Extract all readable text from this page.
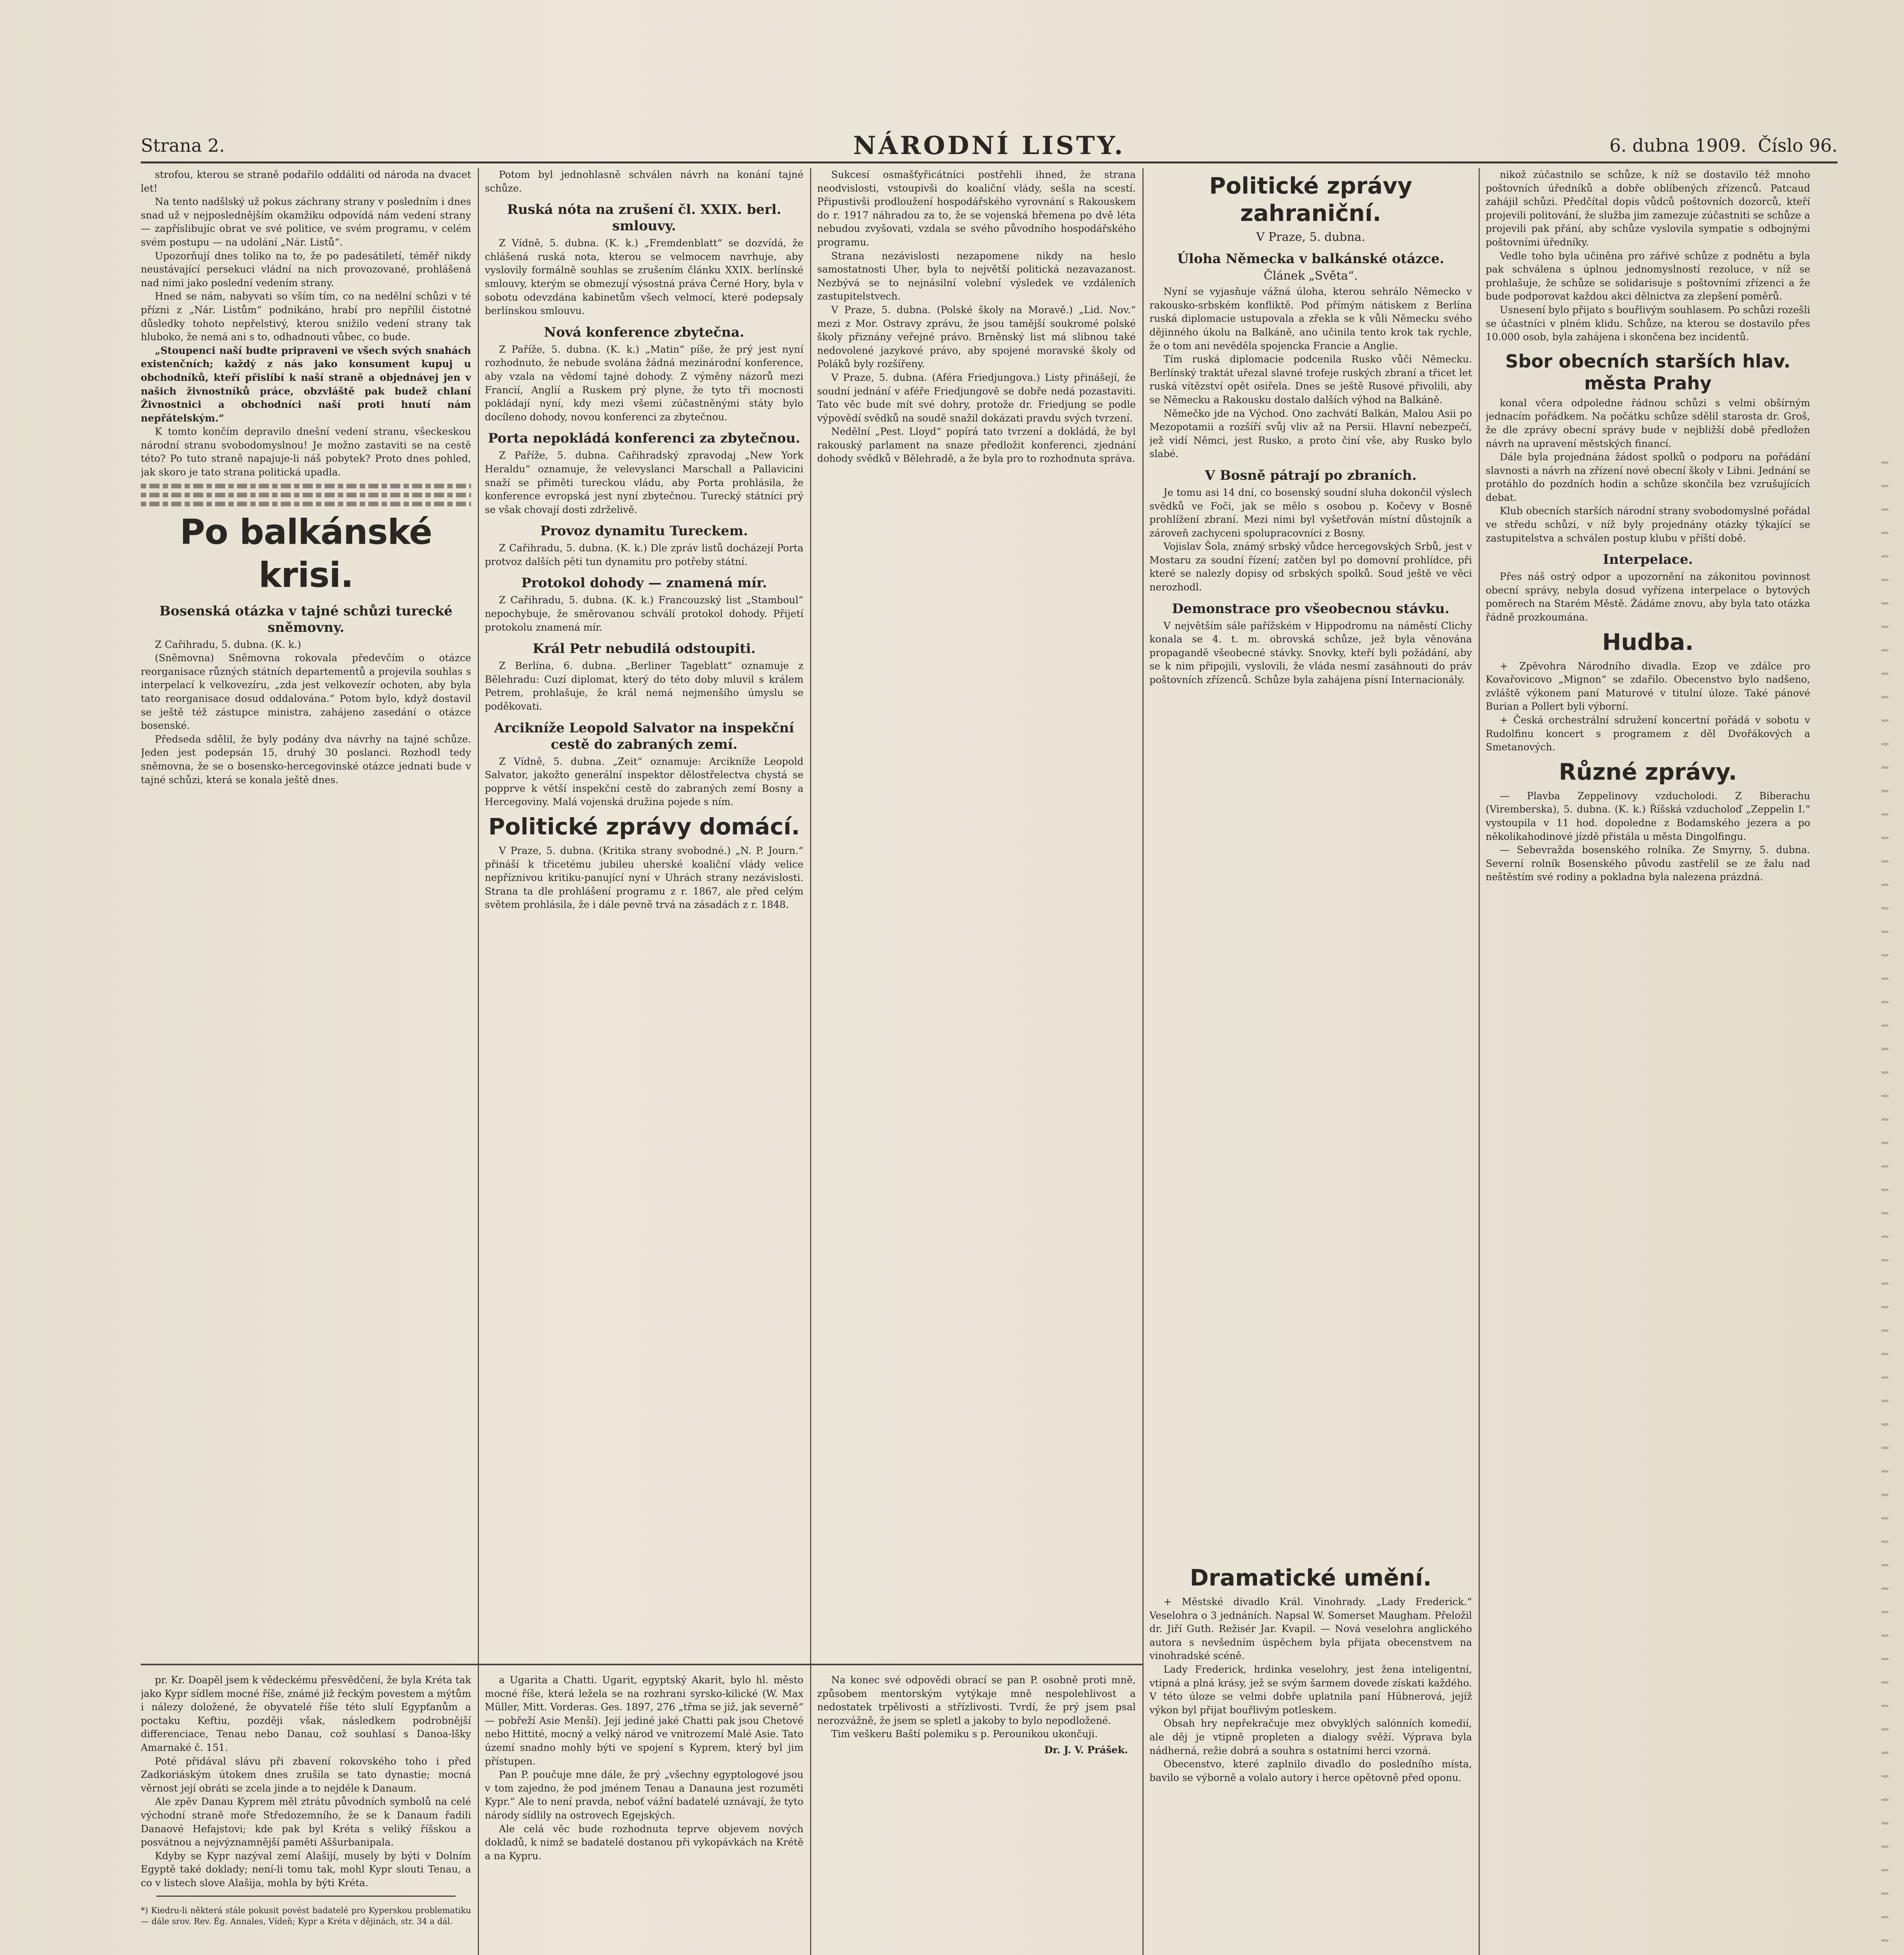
Strana 2.	NÁRODNÍ LISTY.	6. dubna 1909. Číslo 96.

strofou, kterou se straně podařilo oddáliti od národa na dvacet let!

Na tento nadšlský už pokus záchrany strany v posledním i dnes snad už v nejposlednějším okamžiku odpovídá nám vedení strany — zapříslibujíc obrat ve své politice, ve svém programu, v celém svém postupu — na udolání „Nár. Listů“.

Upozorňují dnes toliko na to, že po padesátiletí, téměř nikdy neustávající persekuci vládní na nich provozované, prohlášená nad nimi jako poslední vedením strany.

Hned se nám, nabyvati so vším tím, co na nedělní schůzi v té přízni z „Nár. Listům“ podnikáno, hrabí pro nepřílil čistotné důsledky tohoto nepřelstivý, kterou snižilo vedení strany tak hluboko, že nemá ani s to, odhadnouti vůbec, co bude.

„Stoupenci naší budte pripraveni ve všech svých snahách existenčních; každý z nás jako konsument kupuj u obchodníků, kteří přislíbí k naší straně a objednávej jen v našich živnostníků práce, obzvláště pak budež chlaní Živnostnici a obchodníci naší proti hnutí nám nepřátelským.“

K tomto končím depravilo dnešní vedení stranu, všeckeskou národní stranu svobodomyslnou! Je možno zastaviti se na cestě této? Po tuto straně napajuje-li náš pobytek? Proto dnes pohled, jak skoro je tato strana politická upadla.

Po balkánské krisi.
Bosenská otázka v tajné schůzi turecké sněmovny.

Z Cařihradu, 5. dubna. (K. k.)

(Sněmovna) Sněmovna rokovala předevčím o otázce reorganisace různých státních departementů a projevila souhlas s interpelací k velkovezíru, „zda jest velkovezír ochoten, aby byla tato reorganisace dosud oddalována.“ Potom bylo, když dostavil se ještě též zástupce ministra, zahájeno zasedání o otázce bosenské.

Předseda sdělil, že byly podány dva návrhy na tajné schůze. Jeden jest podepsán 15, druhý 30 poslanci. Rozhodl tedy sněmovna, že se o bosensko-hercegovinské otázce jednati bude v tajné schůzi, která se konala ještě dnes.

pr. Kr. Doapěl jsem k vědeckému přesvědčení, že byla Kréta tak jako Kypr sídlem mocné říše, známé již řeckým povestem a mýtům i nálezy doložené, že obyvatelé říše této slulí Egypťanům a poctaku Keftiu, později však, následkem podrobnější differenciace, Tenau nebo Danau, což souhlasí s Danoa-lšky Amarnaké č. 151.

Poté přidával slávu při zbavení rokovského toho i před Zadkoriáským útokem dnes zrušila se tato dynastie; mocná věrnost její obráti se zcela jinde a to nejdéle k Danaum.

Ale zpěv Danau Kyprem měl ztrátu původních symbolů na celé východní straně moře Středozemního, že se k Danaum řadili Danaové Hefajstovi; kde pak byl Kréta s veliký říšskou a posvátnou a nejvýznamnější paměti Aššurbanipala.

Kdyby se Kypr nazýval zemí Alašijí, musely by býti v Dolním Egyptě také doklady; není-li tomu tak, mohl Kypr slouti Tenau, a co v listech slove Alašija, mohla by býti Kréta.

*) Kiedru-li některá stále pokusit povést badatelé pro Kyperskou problematiku — dále srov. Rev. Ég. Annales, Vídeň; Kypr a Kréta v dějinách, str. 34 a dál.

Potom byl jednohlasně schválen návrh na konání tajné schůze.

Ruská nóta na zrušení čl. XXIX. berl. smlouvy.

Z Vídně, 5. dubna. (K. k.) „Fremdenblatt“ se dozvídá, že chlášená ruská nota, kterou se velmocem navrhuje, aby vyslovily formálně souhlas se zrušením článku XXIX. berlínské smlouvy, kterým se obmezují výsostná práva Černé Hory, byla v sobotu odevzdána kabinetům všech velmocí, které podepsaly berlínskou smlouvu.

Nová konference zbytečna.

Z Paříže, 5. dubna. (K. k.) „Matin“ píše, že prý jest nyní rozhodnuto, že nebude svolána žádná mezinárodní konference, aby vzala na vědomí tajné dohody. Z výměny názorů mezi Francií, Anglií a Ruskem prý plyne, že tyto tři mocnosti pokládají nyní, kdy mezi všemi zúčastněnými státy bylo docíleno dohody, novou konferenci za zbytečnou.

Porta nepokládá konferenci za zbytečnou.

Z Paříže, 5. dubna. Cařihradský zpravodaj „New York Heraldu“ oznamuje, že velevyslanci Marschall a Pallavicini snaží se přiměti tureckou vládu, aby Porta prohlásila, že konference evropská jest nyní zbytečnou. Turecký státníci prý se však chovají dosti zdrželivě.

Provoz dynamitu Tureckem.

Z Cařihradu, 5. dubna. (K. k.) Dle zpráv listů docházejí Porta protvoz dalších pěti tun dynamitu pro potřeby státní.

Protokol dohody — znamená mír.

Z Cařihradu, 5. dubna. (K. k.) Francouzský list „Stamboul“ nepochybuje, že směrovanou schválí protokol dohody. Přijetí protokolu znamená mír.

Král Petr nebudilá odstoupiti.

Z Berlína, 6. dubna. „Berliner Tageblatt“ oznamuje z Bělehradu: Cuzí diplomat, který do této doby mluvil s králem Petrem, prohlašuje, že král nemá nejmenšího úmyslu se poděkovati.

Arcikníže Leopold Salvator na inspekční cestě do zabraných zemí.

Z Vídně, 5. dubna. „Zeit“ oznamuje: Arcikníže Leopold Salvator, jakožto generální inspektor dělostřelectva chystá se popprve k větší inspekční cestě do zabraných zemí Bosny a Hercegoviny. Malá vojenská družina pojede s ním.

Politické zprávy domácí.

V Praze, 5. dubna. (Kritika strany svobodné.) „N. P. Journ.“ přináší k třicetému jubileu uherské koaliční vlády velice nepříznivou kritiku-panující nyní v Uhrách strany nezávislosti. Strana ta dle prohlášení programu z r. 1867, ale před celým světem prohlásila, že i dále pevně trvá na zásadách z r. 1848.

a Ugarita a Chatti. Ugarit, egyptský Akarit, bylo hl. město mocné říše, která ležela se na rozhrani syrsko-kilické (W. Max Müller, Mitt. Vorderas. Ges. 1897, 276 „třma se již, jak severně“ — pobřeží Asie Menší). Její jediné jaké Chatti pak jsou Chetové nebo Hittité, mocný a velký národ ve vnitrozemí Malé Asie. Tato území snadno mohly býti ve spojení s Kyprem, který byl jim přístupen.

Pan P. poučuje mne dále, že prý „všechny egyptologové jsou v tom zajedno, že pod jménem Tenau a Danauna jest rozuměti Kypr.“ Ale to není pravda, neboť vážní badatelé uznávají, že tyto národy sídlily na ostrovech Egejských.

Ale celá věc bude rozhodnuta teprve objevem nových dokladů, k nimž se badatelé dostanou při vykopávkách na Krétě a na Kypru.

Sukcesí osmašťyřicátníci postřehli ihned, že strana neodvislosti, vstoupivši do koaliční vlády, sešla na scestí. Připustivši prodloužení hospodářského vyrovnání s Rakouskem do r. 1917 náhradou za to, že se vojenská břemena po dvě léta nebudou zvyšovati, vzdala se svého původního hospodářského programu.

Strana nezávislosti nezapomene nikdy na heslo samostatnosti Uher, byla to největší politická nezavazanost. Nezbývá se to nejnásilní volební výsledek ve vzdáleních zastupitelstvech.

V Praze, 5. dubna. (Polské školy na Moravě.) „Lid. Nov.“ mezi z Mor. Ostravy zprávu, že jsou tamější soukromé polské školy přiznány veřejné právo. Brněnský list má slibnou také nedovolené jazykové právo, aby spojené moravské školy od Poláků byly rozšířeny.

V Praze, 5. dubna. (Aféra Friedjungova.) Listy přinášejí, že soudní jednání v aféře Friedjungově se dobře nedá pozastaviti. Tato věc bude mít své dohry, protože dr. Friedjung se podle výpovědí svědků na soudě snažil dokázati pravdu svých tvrzení.

Nedělní „Pest. Lloyd“ popírá tato tvrzení a dokládá, že byl rakouský parlament na snaze předložit konferenci, zjednání dohody svědků v Bělehradě, a že byla pro to rozhodnuta správa.

Na konec své odpovědi obrací se pan P. osobně proti mně, způsobem mentorským vytýkaje mně nespolehlivost a nedostatek trpělivosti a střízlivosti. Tvrdí, že prý jsem psal nerozvážně, že jsem se spletl a jakoby to bylo nepodložené.

Tim veškeru Baští polemiku s p. Perounikou ukončuji.

Dr. J. V. Prášek.

Politické zprávy zahraniční.
V Praze, 5. dubna.
Úloha Německa v balkánské otázce.
Článek „Světa“.

Nyní se vyjasňuje vážná úloha, kterou sehrálo Německo v rakousko-srbském konfliktě. Pod přímým nátiskem z Berlína ruská diplomacie ustupovala a zřekla se k vůli Německu svého dějinného úkolu na Balkáně, ano učinila tento krok tak rychle, že o tom ani nevěděla spojencka Francie a Anglie.

Tím ruská diplomacie podcenila Rusko vůči Německu. Berlínský traktát uřezal slavné trofeje ruských zbraní a třicet let ruská vítězství opět osiřela. Dnes se ještě Rusové přivolili, aby se Německu a Rakousku dostalo dalších výhod na Balkáně.

Němečko jde na Východ. Ono zachvátí Balkán, Malou Asii po Mezopotamii a rozšíří svůj vliv až na Persii. Hlavní nebezpečí, jež vidí Němci, jest Rusko, a proto činí vše, aby Rusko bylo slabé.

V Bosně pátrají po zbraních.

Je tomu asi 14 dní, co bosenský soudní sluha dokončil výslech svědků ve Foči, jak se mělo s osobou p. Kočevy v Bosně prohlížení zbraní. Mezi nimi byl vyšetřován místní důstojník a zároveň zachyceni spolupracovníci z Bosny.

Vojislav Šola, známý srbský vůdce hercegovských Srbů, jest v Mostaru za soudní řízení; zatčen byl po domovní prohlídce, při které se nalezly dopisy od srbských spolků. Soud ještě ve věci nerozhodl.

Demonstrace pro všeobecnou stávku.

V největším sále pařížském v Hippodromu na náměstí Clichy konala se 4. t. m. obrovská schůze, jež byla věnována propagandě všeobecné stávky. Snovky, kteří byli požádání, aby se k nim připojili, vyslovili, že vláda nesmí zasáhnouti do práv poštovních zřízenců. Schůze byla zahájena písní Internacionály.

Dramatické umění.

+ Městské divadlo Král. Vinohrady. „Lady Frederick.“ Veselohra o 3 jednáních. Napsal W. Somerset Maugham. Přeložil dr. Jiří Guth. Režisér Jar. Kvapil. — Nová veselohra anglického autora s nevšedním úspěchem byla přijata obecenstvem na vinohradské scéně.

Lady Frederick, hrdinka veselohry, jest žena inteligentní, vtipná a plná krásy, jež se svým šarmem dovede získati každého. V této úloze se velmi dobře uplatnila paní Hübnerová, jejíž výkon byl přijat bouřlivým potleskem.

Obsah hry nepřekračuje mez obvyklých salónních komedií, ale děj je vtipně propleten a dialogy svěží. Výprava byla nádherná, režie dobrá a souhra s ostatními herci vzorná.

Obecenstvo, které zaplnilo divadlo do posledního místa, bavilo se výborně a volalo autory i herce opětovně před oponu.

nikož zúčastnilo se schůze, k níž se dostavilo též mnoho poštovních úředníků a dobře oblíbených zřízenců. Patcaud zahájil schůzi. Předčítal dopis vůdců poštovních dozorců, kteří projevili politování, že služba jim zamezuje zúčastniti se schůze a projevili pak přání, aby schůze vyslovila sympatie s odbojnými poštovními úředníky.

Vedle toho byla učiněna pro zářivé schůze z podnětu a byla pak schválena s úplnou jednomyslností rezoluce, v níž se prohlašuje, že schůze se solidarisuje s poštovními zřízenci a že bude podporovat každou akci dělnictva za zlepšení poměrů.

Usnesení bylo přijato s bouřlivým souhlasem. Po schůzi rozešli se účastníci v plném klidu. Schůze, na kterou se dostavilo přes 10.000 osob, byla zahájena i skončena bez incidentů.

Sbor obecních starších hlav. města Prahy

konal včera odpoledne řádnou schůzi s velmi obšírným jednacím pořádkem. Na počátku schůze sdělil starosta dr. Groš, že dle zprávy obecní správy bude v nejbližší době předložen návrh na upravení městských financí.

Dále byla projednána žádost spolků o podporu na pořádání slavnosti a návrh na zřízení nové obecní školy v Libni. Jednání se protáhlo do pozdních hodin a schůze skončila bez vzrušujících debat.

Klub obecních starších národní strany svobodomyslné pořádal ve středu schůzi, v níž byly projednány otázky týkající se zastupitelstva a schválen postup klubu v příští době.

Interpelace.

Přes náš ostrý odpor a upozornění na zákonitou povinnost obecní správy, nebyla dosud vyřízena interpelace o bytových poměrech na Starém Městě. Žádáme znovu, aby byla tato otázka řádně prozkoumána.

Hudba.

+ Zpěvohra Národního divadla. Ezop ve zdálce pro Kovařovicovo „Mignon“ se zdařilo. Obecenstvo bylo nadšeno, zvláště výkonem paní Maturové v titulní úloze. Také pánové Burian a Pollert byli výborní.

+ Česká orchestrální sdružení koncertní pořádá v sobotu v Rudolfinu koncert s programem z děl Dvořákových a Smetanových.

Různé zprávy.

— Plavba Zeppelinovy vzducholodi. Z Biberachu (Viremberska), 5. dubna. (K. k.) Říšská vzducholoď „Zeppelin I.“ vystoupila v 11 hod. dopoledne z Bodamského jezera a po několikahodinové jízdě přistála u města Dingolfingu.

— Sebevražda bosenského rolníka. Ze Smyrny, 5. dubna. Severní rolník Bosenského původu zastřelil se ze žalu nad neštěstím své rodiny a pokladna byla nalezena prázdná.
